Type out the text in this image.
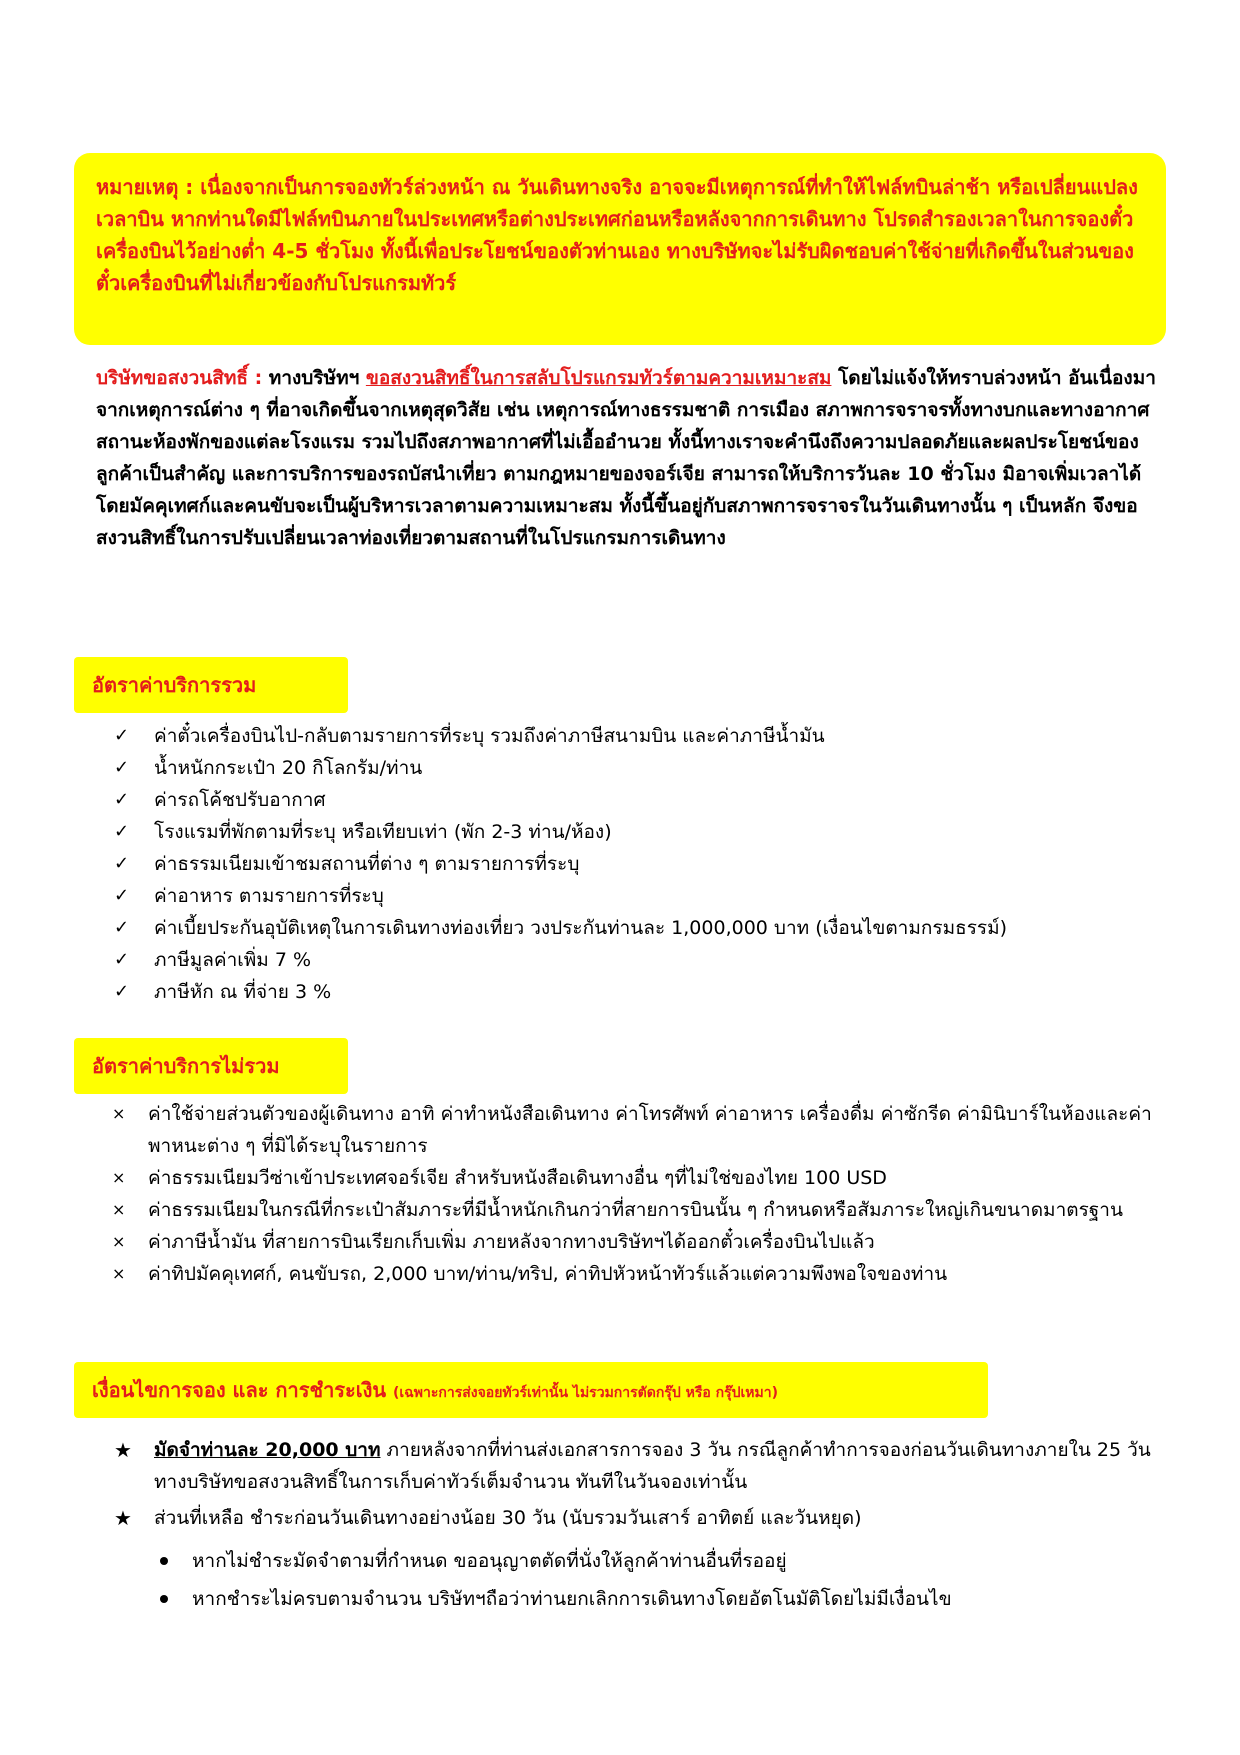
หมายเหตุ : เนื่องจากเป็นการจองทัวร์ล่วงหน้า ณ วันเดินทางจริง อาจจะมีเหตุการณ์ที่ทำให้ไฟล์ทบินล่าช้า หรือเปลี่ยนแปลงเวลาบิน หากท่านใดมีไฟล์ทบินภายในประเทศหรือต่างประเทศก่อนหรือหลังจากการเดินทาง โปรดสำรองเวลาในการจองตั๋วเครื่องบินไว้อย่างต่ำ 4-5 ชั่วโมง ทั้งนี้เพื่อประโยชน์ของตัวท่านเอง ทางบริษัทจะไม่รับผิดชอบค่าใช้จ่ายที่เกิดขึ้นในส่วนของตั๋วเครื่องบินที่ไม่เกี่ยวข้องกับโปรแกรมทัวร์

บริษัทขอสงวนสิทธิ์ : ทางบริษัทฯ ขอสงวนสิทธิ์ในการสลับโปรแกรมทัวร์ตามความเหมาะสม โดยไม่แจ้งให้ทราบล่วงหน้า อันเนื่องมาจากเหตุการณ์ต่าง ๆ ที่อาจเกิดขึ้นจากเหตุสุดวิสัย เช่น เหตุการณ์ทางธรรมชาติ การเมือง สภาพการจราจรทั้งทางบกและทางอากาศ สถานะห้องพักของแต่ละโรงแรม รวมไปถึงสภาพอากาศที่ไม่เอื้ออำนวย ทั้งนี้ทางเราจะคำนึงถึงความปลอดภัยและผลประโยชน์ของลูกค้าเป็นสำคัญ และการบริการของรถบัสนำเที่ยว ตามกฎหมายของจอร์เจีย สามารถให้บริการวันละ 10 ชั่วโมง มิอาจเพิ่มเวลาได้ โดยมัคคุเทศก์และคนขับจะเป็นผู้บริหารเวลาตามความเหมาะสม ทั้งนี้ขึ้นอยู่กับสภาพการจราจรในวันเดินทางนั้น ๆ เป็นหลัก จึงขอสงวนสิทธิ์ในการปรับเปลี่ยนเวลาท่องเที่ยวตามสถานที่ในโปรแกรมการเดินทาง

อัตราค่าบริการรวม
✓ ค่าตั๋วเครื่องบินไป-กลับตามรายการที่ระบุ รวมถึงค่าภาษีสนามบิน และค่าภาษีน้ำมัน
✓ น้ำหนักกระเป๋า 20 กิโลกรัม/ท่าน
✓ ค่ารถโค้ชปรับอากาศ
✓ โรงแรมที่พักตามที่ระบุ หรือเทียบเท่า (พัก 2-3 ท่าน/ห้อง)
✓ ค่าธรรมเนียมเข้าชมสถานที่ต่าง ๆ ตามรายการที่ระบุ
✓ ค่าอาหาร ตามรายการที่ระบุ
✓ ค่าเบี้ยประกันอุบัติเหตุในการเดินทางท่องเที่ยว วงประกันท่านละ 1,000,000 บาท (เงื่อนไขตามกรมธรรม์)
✓ ภาษีมูลค่าเพิ่ม 7 %
✓ ภาษีหัก ณ ที่จ่าย 3 %
อัตราค่าบริการไม่รวม
× ค่าใช้จ่ายส่วนตัวของผู้เดินทาง อาทิ ค่าทำหนังสือเดินทาง ค่าโทรศัพท์ ค่าอาหาร เครื่องดื่ม ค่าซักรีด ค่ามินิบาร์ในห้องและค่าพาหนะต่าง ๆ ที่มิได้ระบุในรายการ
× ค่าธรรมเนียมวีซ่าเข้าประเทศจอร์เจีย สำหรับหนังสือเดินทางอื่น ๆที่ไม่ใช่ของไทย 100 USD
× ค่าธรรมเนียมในกรณีที่กระเป๋าสัมภาระที่มีน้ำหนักเกินกว่าที่สายการบินนั้น ๆ กำหนดหรือสัมภาระใหญ่เกินขนาดมาตรฐาน
× ค่าภาษีน้ำมัน ที่สายการบินเรียกเก็บเพิ่ม ภายหลังจากทางบริษัทฯได้ออกตั๋วเครื่องบินไปแล้ว
× ค่าทิปมัคคุเทศก์, คนขับรถ, 2,000 บาท/ท่าน/ทริป, ค่าทิปหัวหน้าทัวร์แล้วแต่ความพึงพอใจของท่าน
เงื่อนไขการจอง และ การชำระเงิน (เฉพาะการส่งจอยทัวร์เท่านั้น ไม่รวมการตัดกรุ๊ป หรือ กรุ๊ปเหมา)
★ มัดจำท่านละ 20,000 บาท ภายหลังจากที่ท่านส่งเอกสารการจอง 3 วัน กรณีลูกค้าทำการจองก่อนวันเดินทางภายใน 25 วัน ทางบริษัทขอสงวนสิทธิ์ในการเก็บค่าทัวร์เต็มจำนวน ทันทีในวันจองเท่านั้น
★ ส่วนที่เหลือ ชำระก่อนวันเดินทางอย่างน้อย 30 วัน (นับรวมวันเสาร์ อาทิตย์ และวันหยุด)
หากไม่ชำระมัดจำตามที่กำหนด ขออนุญาตตัดที่นั่งให้ลูกค้าท่านอื่นที่รออยู่
หากชำระไม่ครบตามจำนวน บริษัทฯถือว่าท่านยกเลิกการเดินทางโดยอัตโนมัติโดยไม่มีเงื่อนไข
